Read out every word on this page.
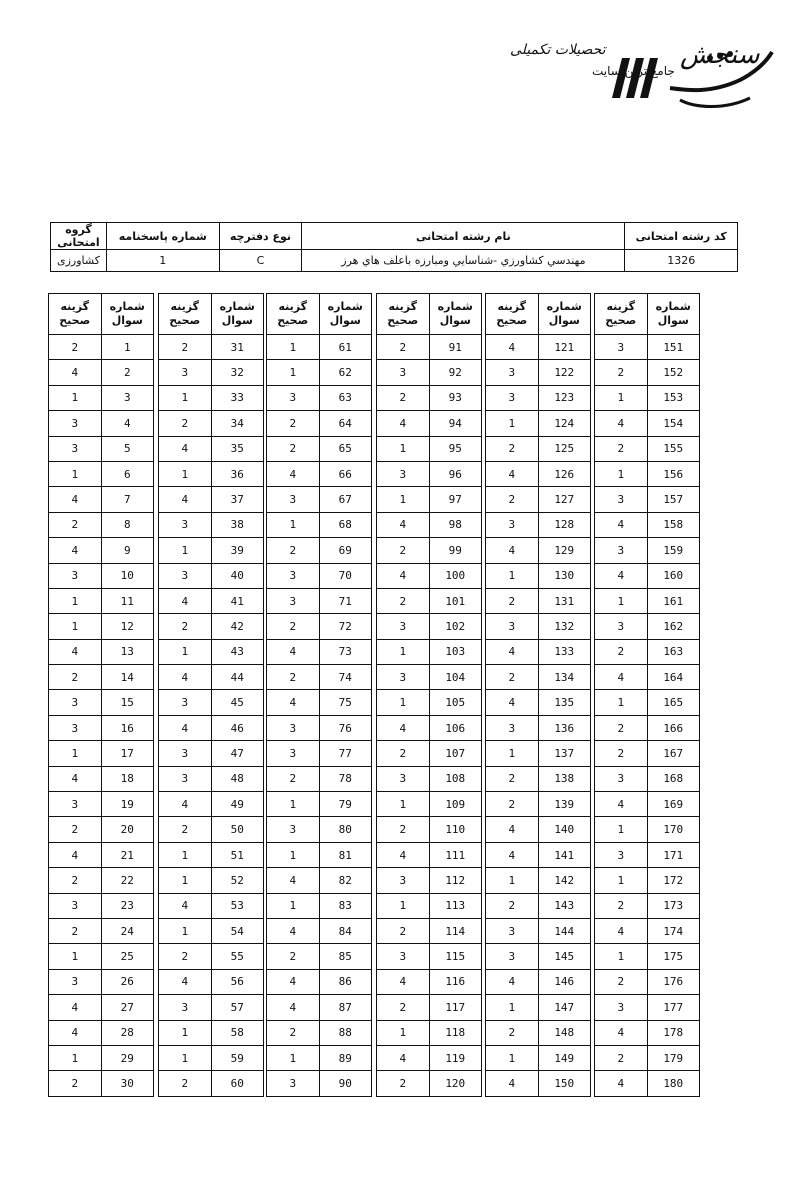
سنجش
جامع ترین سایت
تحصیلات تکمیلی
کد رشته امتحانی	نام رشته امتحانی	نوع دفترچه	شماره پاسخنامه	گروه امتحانی
1326	مهندسي کشاورزي -شناسايي ومبارزه باعلف هاي هرز	C	1	کشاورزی
شماره سوال	گزینه صحیح
1	2
2	4
3	1
4	3
5	3
6	1
7	4
8	2
9	4
10	3
11	1
12	1
13	4
14	2
15	3
16	3
17	1
18	4
19	3
20	2
21	4
22	2
23	3
24	2
25	1
26	3
27	4
28	4
29	1
30	2
شماره سوال	گزینه صحیح
31	2
32	3
33	1
34	2
35	4
36	1
37	4
38	3
39	1
40	3
41	4
42	2
43	1
44	4
45	3
46	4
47	3
48	3
49	4
50	2
51	1
52	1
53	4
54	1
55	2
56	4
57	3
58	1
59	1
60	2
شماره سوال	گزینه صحیح
61	1
62	1
63	3
64	2
65	2
66	4
67	3
68	1
69	2
70	3
71	3
72	2
73	4
74	2
75	4
76	3
77	3
78	2
79	1
80	3
81	1
82	4
83	1
84	4
85	2
86	4
87	4
88	2
89	1
90	3
شماره سوال	گزینه صحیح
91	2
92	3
93	2
94	4
95	1
96	3
97	1
98	4
99	2
100	4
101	2
102	3
103	1
104	3
105	1
106	4
107	2
108	3
109	1
110	2
111	4
112	3
113	1
114	2
115	3
116	4
117	2
118	1
119	4
120	2
شماره سوال	گزینه صحیح
121	4
122	3
123	3
124	1
125	2
126	4
127	2
128	3
129	4
130	1
131	2
132	3
133	4
134	2
135	4
136	3
137	1
138	2
139	2
140	4
141	4
142	1
143	2
144	3
145	3
146	4
147	1
148	2
149	1
150	4
شماره سوال	گزینه صحیح
151	3
152	2
153	1
154	4
155	2
156	1
157	3
158	4
159	3
160	4
161	1
162	3
163	2
164	4
165	1
166	2
167	2
168	3
169	4
170	1
171	3
172	1
173	2
174	4
175	1
176	2
177	3
178	4
179	2
180	4
